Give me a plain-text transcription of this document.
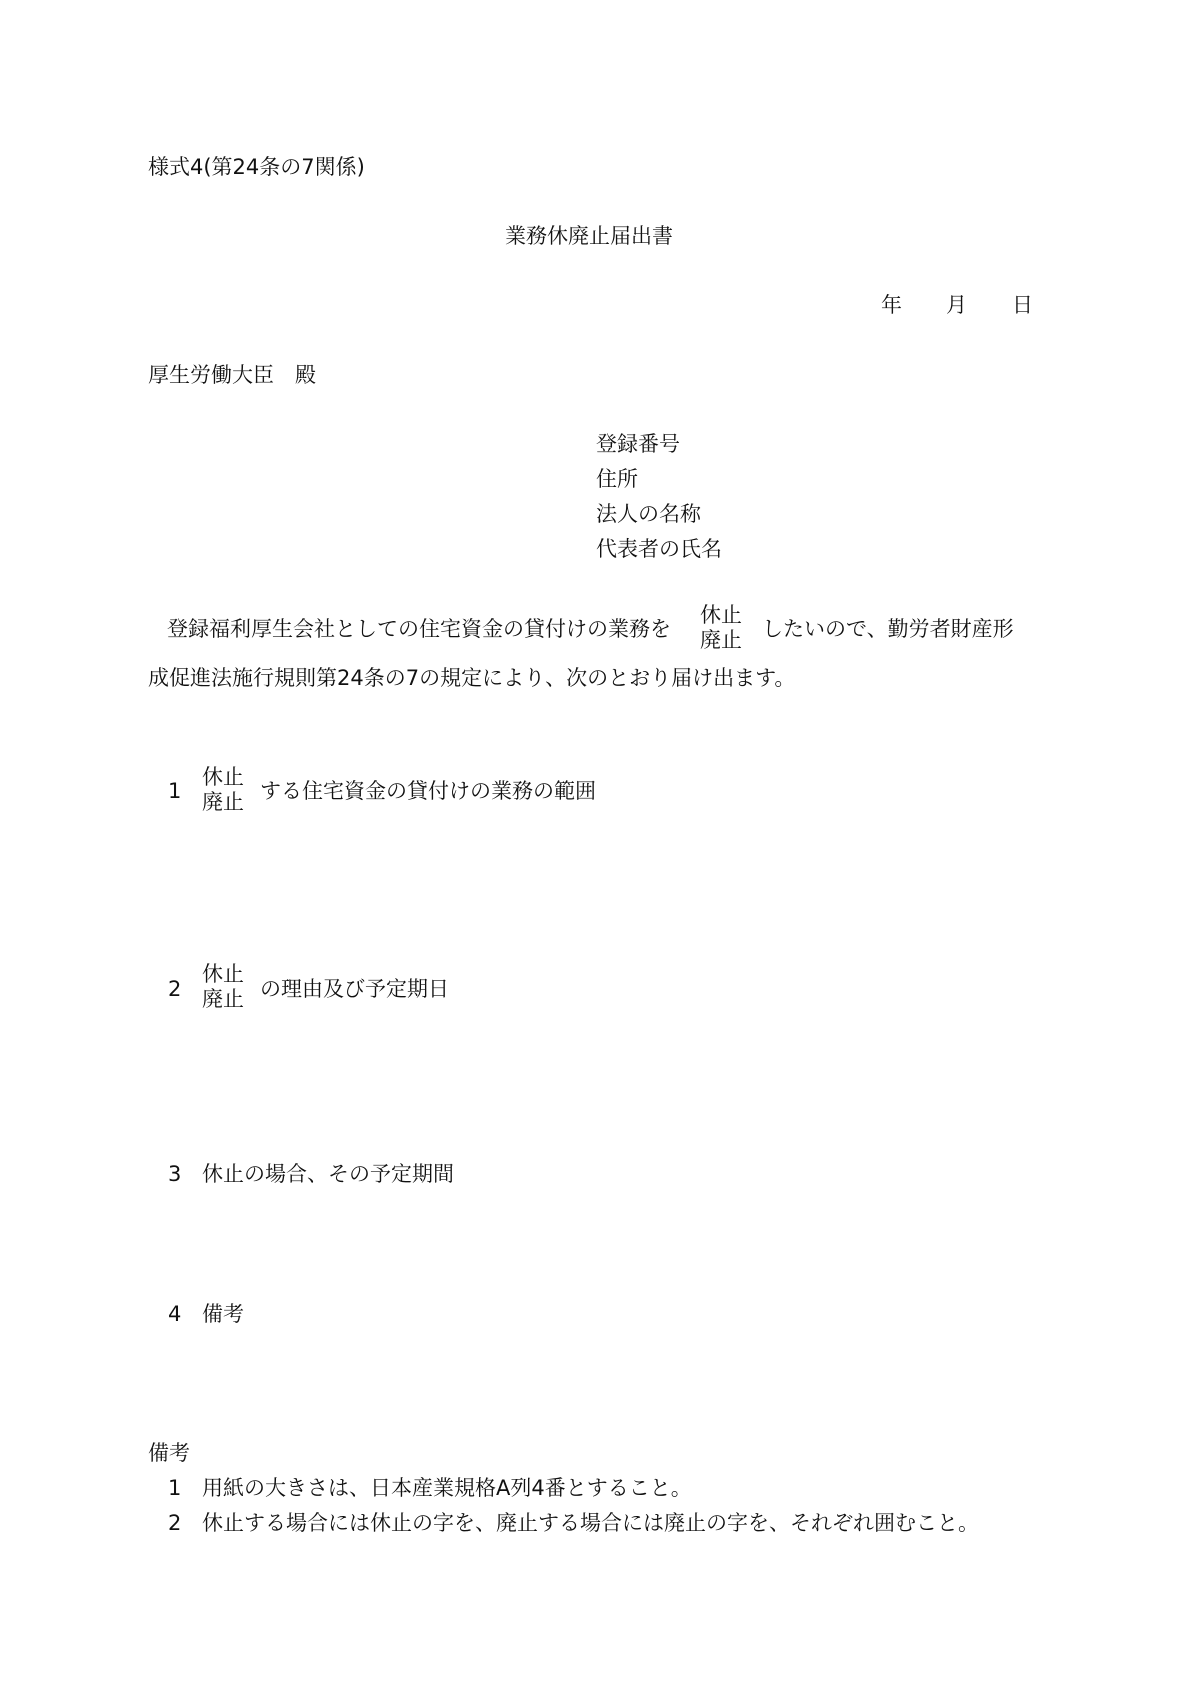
様式4(第24条の7関係)
業務休廃止届出書
年 月 日
厚生労働大臣　殿
登録番号
住所
法人の名称
代表者の氏名
登録福利厚生会社としての住宅資金の貸付けの業務を
休止
廃止 したいので、勤労者財産形
成促進法施行規則第24条の7の規定により、次のとおり届け出ます。
1
休止
廃止 する住宅資金の貸付けの業務の範囲
2
休止
廃止 の理由及び予定期日
3 休止の場合、その予定期間
4 備考
備考
1 用紙の大きさは、日本産業規格A列4番とすること。
2 休止する場合には休止の字を、廃止する場合には廃止の字を、それぞれ囲むこと。
